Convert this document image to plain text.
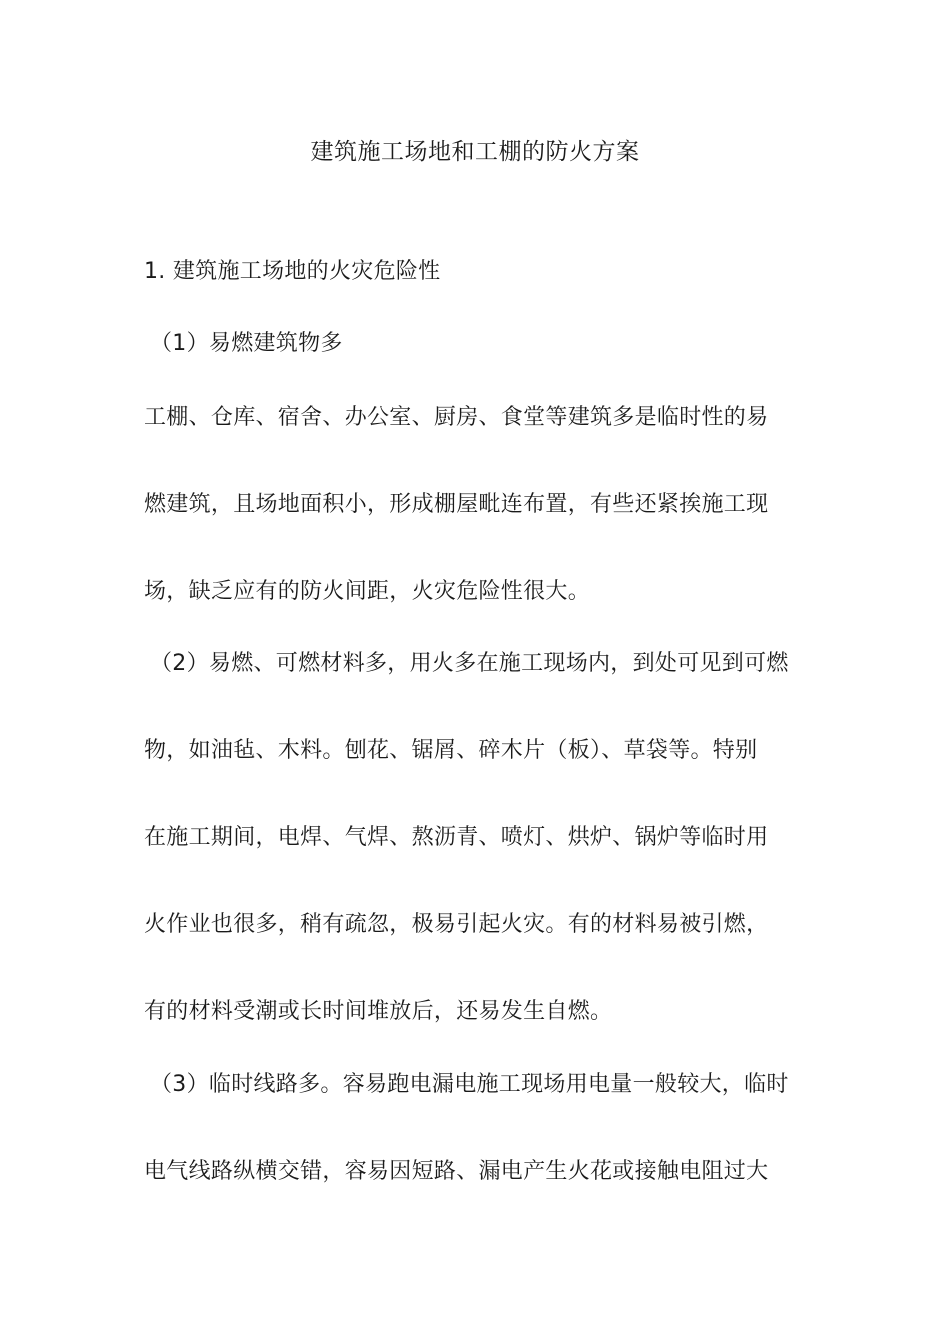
建筑施工场地和工棚的防火方案
1. 建筑施工场地的火灾危险性
（1）易燃建筑物多
工棚、仓库、宿舍、办公室、厨房、食堂等建筑多是临时性的易
燃建筑，且场地面积小，形成棚屋毗连布置，有些还紧挨施工现
场，缺乏应有的防火间距，火灾危险性很大。
（2）易燃、可燃材料多，用火多在施工现场内，到处可见到可燃
物，如油毡、木料。刨花、锯屑、碎木片（板）、草袋等。特别
在施工期间，电焊、气焊、熬沥青、喷灯、烘炉、锅炉等临时用
火作业也很多，稍有疏忽，极易引起火灾。有的材料易被引燃，
有的材料受潮或长时间堆放后，还易发生自燃。
（3）临时线路多。容易跑电漏电施工现场用电量一般较大，临时
电气线路纵横交错，容易因短路、漏电产生火花或接触电阻过大
